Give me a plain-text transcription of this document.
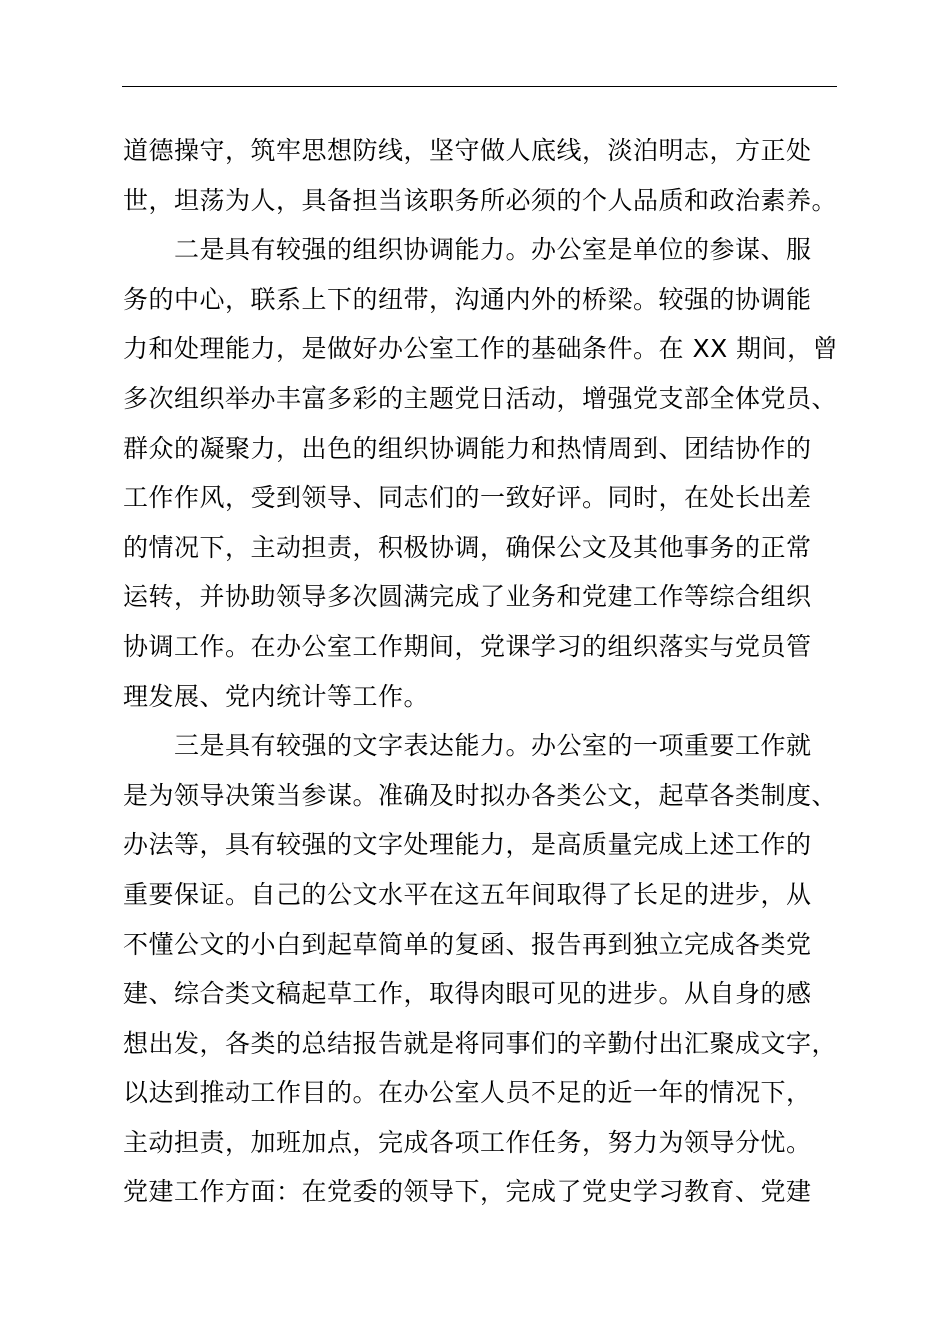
道德操守，筑牢思想防线，坚守做人底线，淡泊明志，方正处
世，坦荡为人，具备担当该职务所必须的个人品质和政治素养。
二是具有较强的组织协调能力。办公室是单位的参谋、服
务的中心，联系上下的纽带，沟通内外的桥梁。较强的协调能
力和处理能力，是做好办公室工作的基础条件。在 XX 期间，曾
多次组织举办丰富多彩的主题党日活动，增强党支部全体党员、
群众的凝聚力，出色的组织协调能力和热情周到、团结协作的
工作作风，受到领导、同志们的一致好评。同时，在处长出差
的情况下，主动担责，积极协调，确保公文及其他事务的正常
运转，并协助领导多次圆满完成了业务和党建工作等综合组织
协调工作。在办公室工作期间，党课学习的组织落实与党员管
理发展、党内统计等工作。
三是具有较强的文字表达能力。办公室的一项重要工作就
是为领导决策当参谋。准确及时拟办各类公文，起草各类制度、
办法等，具有较强的文字处理能力，是高质量完成上述工作的
重要保证。自己的公文水平在这五年间取得了长足的进步，从
不懂公文的小白到起草简单的复函、报告再到独立完成各类党
建、综合类文稿起草工作，取得肉眼可见的进步。从自身的感
想出发，各类的总结报告就是将同事们的辛勤付出汇聚成文字，
以达到推动工作目的。在办公室人员不足的近一年的情况下，
主动担责，加班加点，完成各项工作任务，努力为领导分忧。
党建工作方面：在党委的领导下，完成了党史学习教育、党建
